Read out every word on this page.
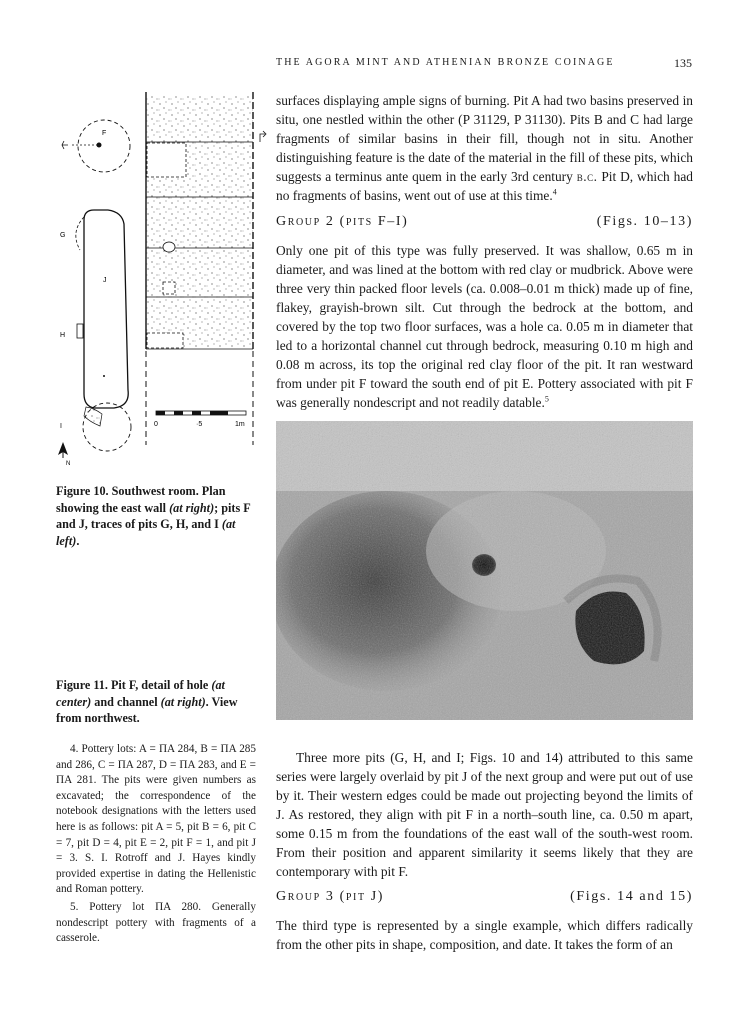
THE AGORA MINT AND ATHENIAN BRONZE COINAGE	135

surfaces displaying ample signs of burning. Pit A had two basins preserved in situ, one nestled within the other (P 31129, P 31130). Pits B and C had large fragments of similar basins in their fill, though not in situ. Another distinguishing feature is the date of the material in the fill of these pits, which suggests a terminus ante quem in the early 3rd century b.c. Pit D, which had no fragments of basins, went out of use at this time.$^4$

Group 2 (pits F–I)	(Figs. 10–13)

Only one pit of this type was fully preserved. It was shallow, 0.65 m in diameter, and was lined at the bottom with red clay or mudbrick. Above were three very thin packed floor levels (ca. 0.008–0.01 m thick) made up of fine, flakey, grayish-brown silt. Cut through the bedrock at the bottom, and covered by the top two floor surfaces, was a hole ca. 0.05 m in diameter that led to a horizontal channel cut through bedrock, measuring 0.10 m high and 0.08 m across, its top the original red clay floor of the pit. It ran westward from under pit F toward the south end of pit E. Pottery associated with pit F was generally nondescript and not readily datable.$^5$

F
J
G
H
I
N
0	·5	1m
Figure 10. Southwest room. Plan showing the east wall (at right); pits F and J, traces of pits G, H, and I (at left).
Figure 11. Pit F, detail of hole (at center) and channel (at right). View from northwest.

Three more pits (G, H, and I; Figs. 10 and 14) attributed to this same series were largely overlaid by pit J of the next group and were put out of use by it. Their western edges could be made out projecting beyond the limits of J. As restored, they align with pit F in a north–south line, ca. 0.50 m apart, some 0.15 m from the foundations of the east wall of the south-west room. From their position and apparent similarity it seems likely that they are contemporary with pit F.

Group 3 (pit J)	(Figs. 14 and 15)

The third type is represented by a single example, which differs radically from the other pits in shape, composition, and date. It takes the form of an

4. Pottery lots: A = ΠΑ 284, B = ΠΑ 285 and 286, C = ΠΑ 287, D = ΠΑ 283, and E = ΠΑ 281. The pits were given numbers as excavated; the correspondence of the notebook designations with the letters used here is as follows: pit A = 5, pit B = 6, pit C = 7, pit D = 4, pit E = 2, pit F = 1, and pit J = 3. S. I. Rotroff and J. Hayes kindly provided expertise in dating the Hellenistic and Roman pottery.

5. Pottery lot ΠΑ 280. Generally nondescript pottery with fragments of a casserole.
